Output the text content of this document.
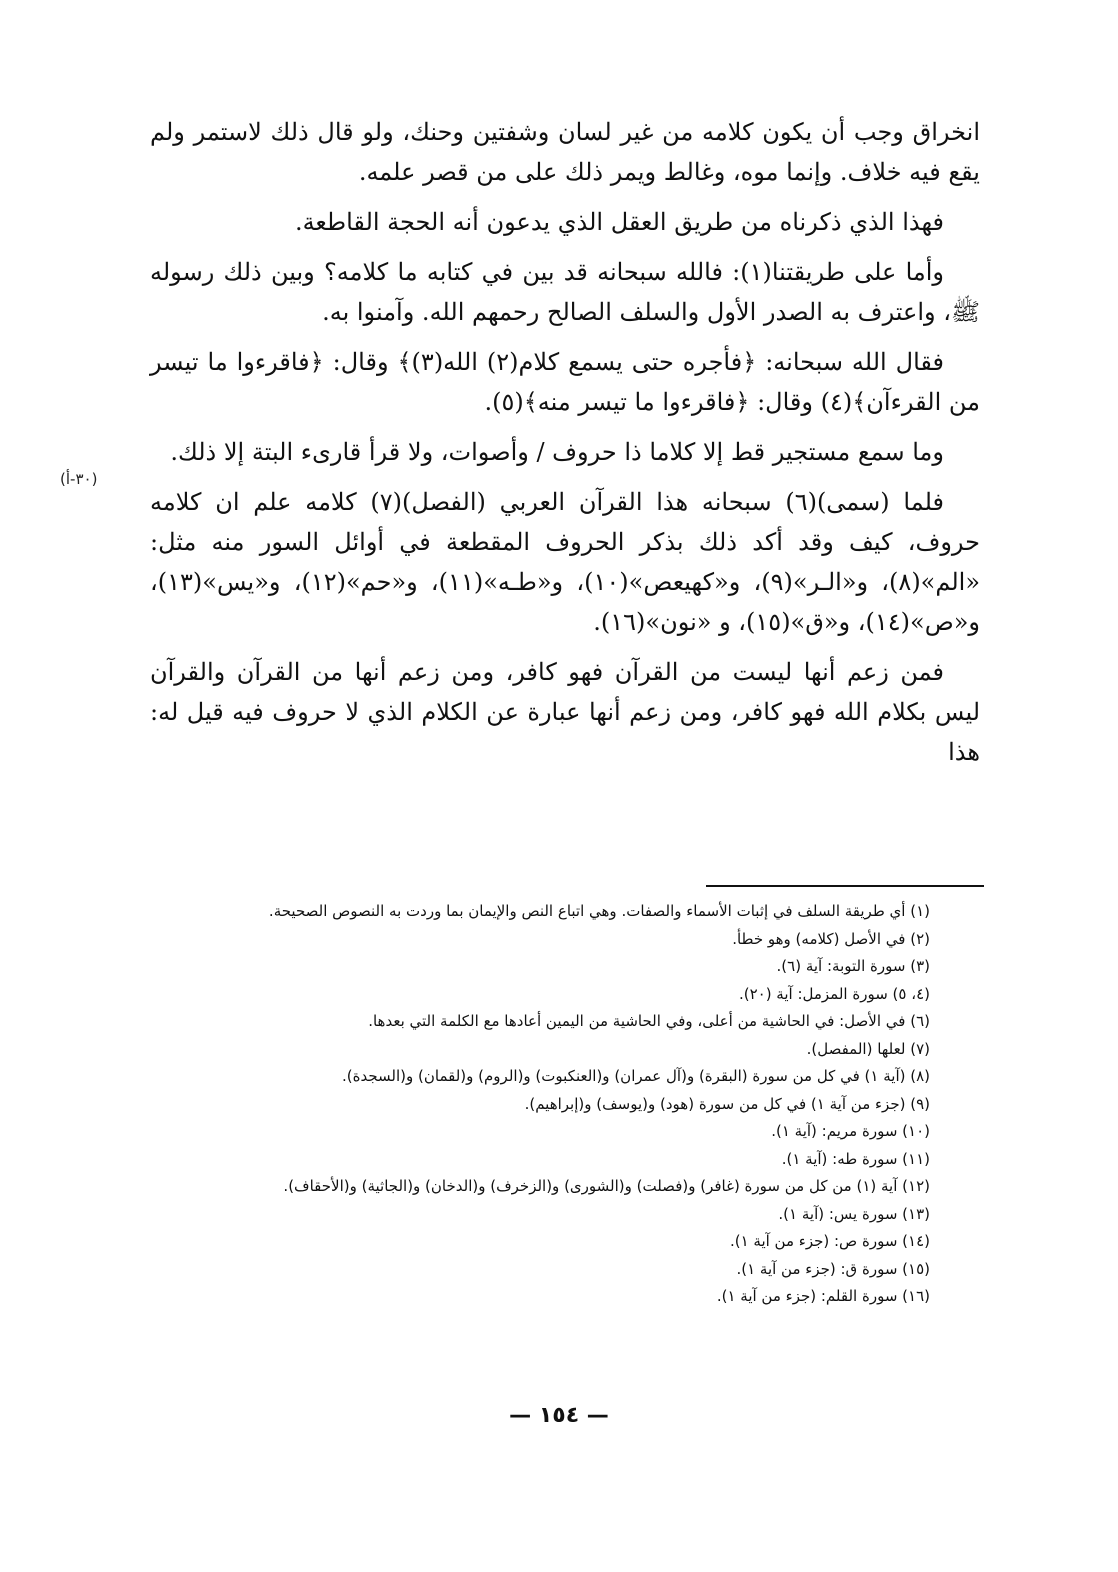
انخراق وجب أن يكون كلامه من غير لسان وشفتين وحنك، ولو قال ذلك لاستمر ولم يقع فيه خلاف. وإنما موه، وغالط ويمر ذلك على من قصر علمه.

فهذا الذي ذكرناه من طريق العقل الذي يدعون أنه الحجة القاطعة.

وأما على طريقتنا(١): فالله سبحانه قد بين في كتابه ما كلامه؟ وبين ذلك رسوله ﷺ، واعترف به الصدر الأول والسلف الصالح رحمهم الله. وآمنوا به.

فقال الله سبحانه: ﴿فأجره حتى يسمع كلام(٢) الله(٣)﴾ وقال: ﴿فاقرءوا ما تيسر من القرءآن﴾(٤) وقال: ﴿فاقرءوا ما تيسر منه﴾(٥).

وما سمع مستجير قط إلا كلاما ذا حروف / وأصوات، ولا قرأ قارىء البتة إلا ذلك.

فلما (سمى)(٦) سبحانه هذا القرآن العربي (الفصل)(٧) كلامه علم ان كلامه حروف، كيف وقد أكد ذلك بذكر الحروف المقطعة في أوائل السور منه مثل: «الم»(٨)، و«الـر»(٩)، و«كهيعص»(١٠)، و«طـه»(١١)، و«حم»(١٢)، و«يس»(١٣)، و«ص»(١٤)، و«ق»(١٥)، و «نون»(١٦).

فمن زعم أنها ليست من القرآن فهو كافر، ومن زعم أنها من القرآن والقرآن ليس بكلام الله فهو كافر، ومن زعم أنها عبارة عن الكلام الذي لا حروف فيه قيل له: هذا

(٣٠-أ)
(١) أي طريقة السلف في إثبات الأسماء والصفات. وهي اتباع النص والإيمان بما وردت به النصوص الصحيحة.
(٢) في الأصل (كلامه) وهو خطأ.
(٣) سورة التوبة: آية (٦).
(٤، ٥) سورة المزمل: آية (٢٠).
(٦) في الأصل: في الحاشية من أعلى، وفي الحاشية من اليمين أعادها مع الكلمة التي بعدها.
(٧) لعلها (المفصل).
(٨) (آية ١) في كل من سورة (البقرة) و(آل عمران) و(العنكبوت) و(الروم) و(لقمان) و(السجدة).
(٩) (جزء من آية ١) في كل من سورة (هود) و(يوسف) و(إبراهيم).
(١٠) سورة مريم: (آية ١).
(١١) سورة طه: (آية ١).
(١٢) آية (١) من كل من سورة (غافر) و(فصلت) و(الشورى) و(الزخرف) و(الدخان) و(الجاثية) و(الأحقاف).
(١٣) سورة يس: (آية ١).
(١٤) سورة ص: (جزء من آية ١).
(١٥) سورة ق: (جزء من آية ١).
(١٦) سورة القلم: (جزء من آية ١).
— ١٥٤ —
